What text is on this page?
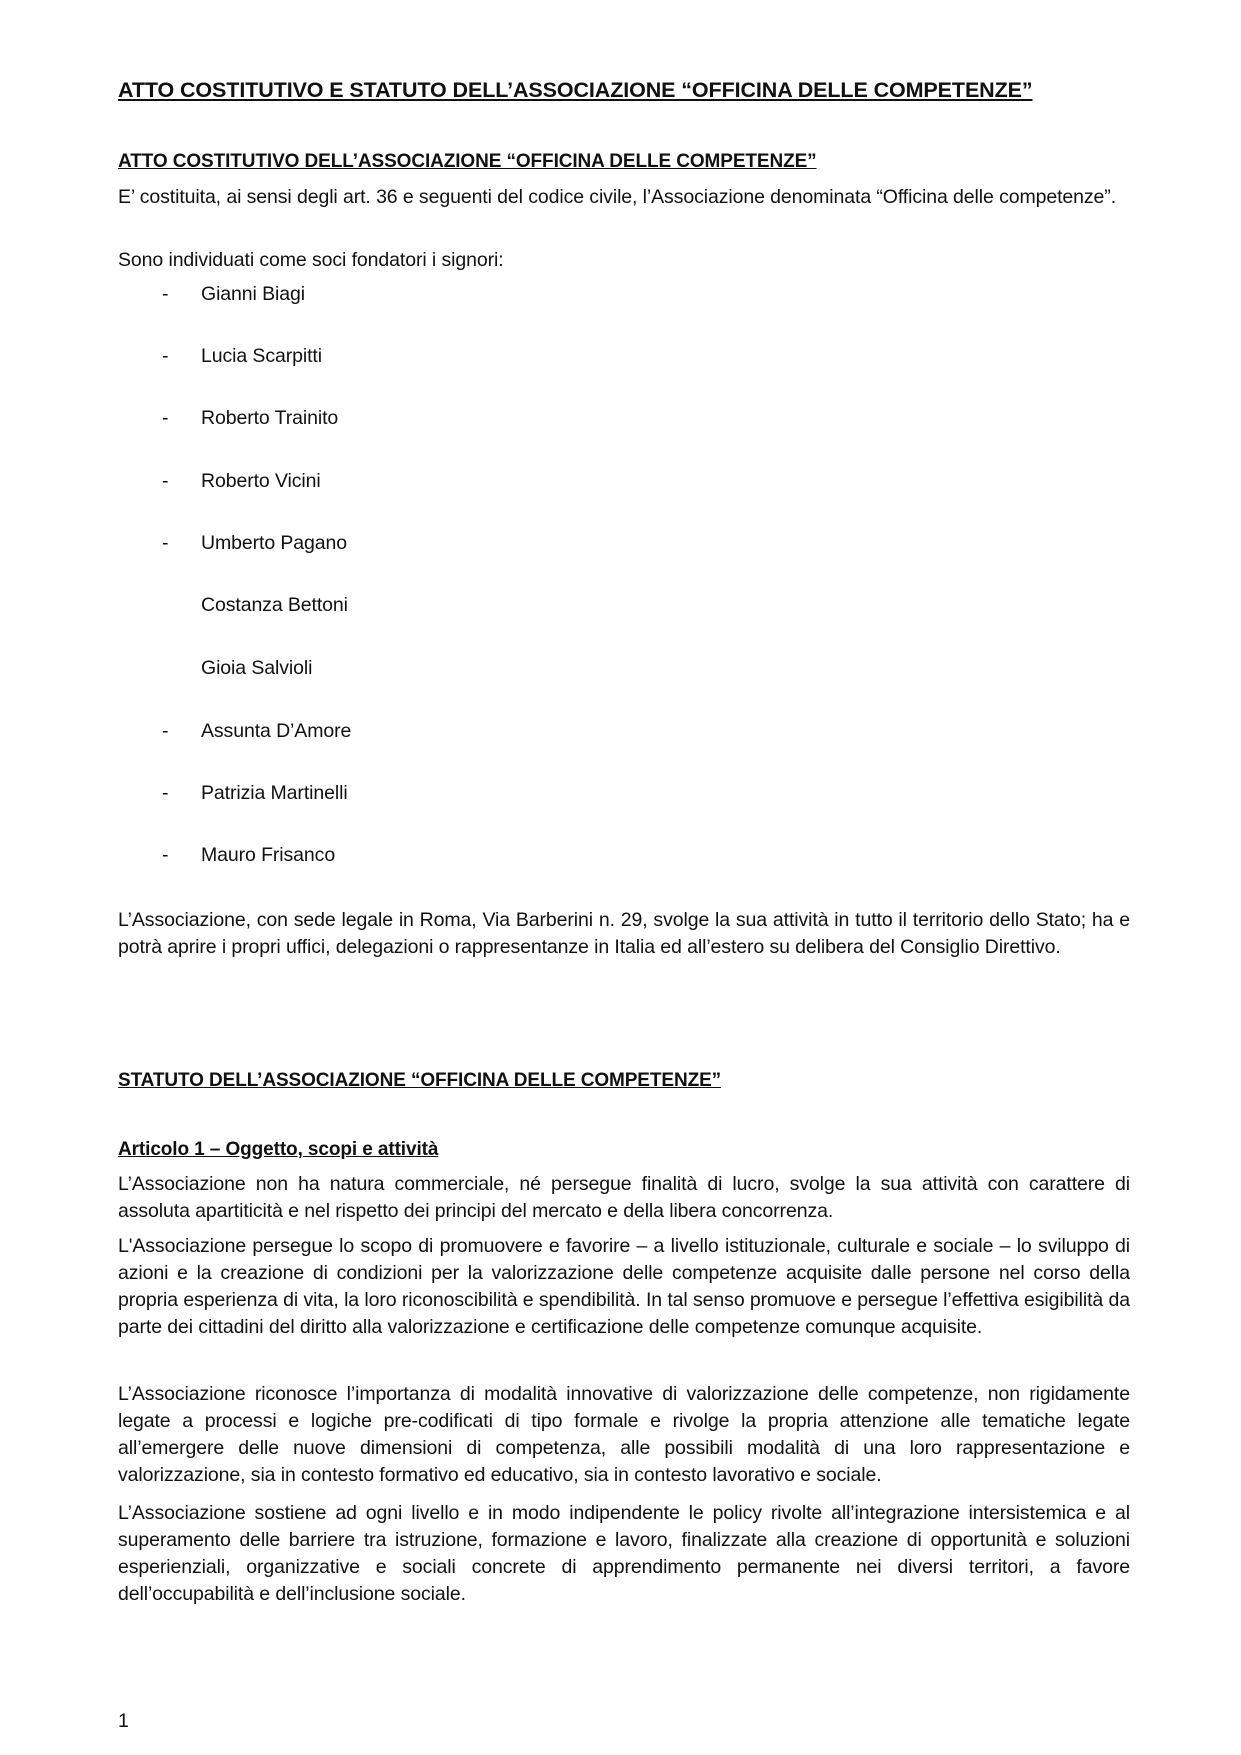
ATTO COSTITUTIVO E STATUTO DELL’ASSOCIAZIONE “OFFICINA DELLE COMPETENZE”
ATTO COSTITUTIVO DELL’ASSOCIAZIONE “OFFICINA DELLE COMPETENZE”
E’ costituita, ai sensi degli art. 36 e seguenti del codice civile, l’Associazione denominata “Officina delle competenze”.
Sono individuati come soci fondatori i signori:
- Gianni Biagi
- Lucia Scarpitti
- Roberto Trainito
- Roberto Vicini
- Umberto Pagano
Costanza Bettoni
Gioia Salvioli
- Assunta D’Amore
- Patrizia Martinelli
- Mauro Frisanco
L’Associazione, con sede legale in Roma, Via Barberini n. 29, svolge la sua attività in tutto il territorio dello Stato; ha e potrà aprire i propri uffici, delegazioni o rappresentanze in Italia ed all’estero su delibera del Consiglio Direttivo.
STATUTO DELL’ASSOCIAZIONE “OFFICINA DELLE COMPETENZE”
Articolo 1 – Oggetto, scopi e attività
L’Associazione non ha natura commerciale, né persegue finalità di lucro, svolge la sua attività con carattere di assoluta apartiticità e nel rispetto dei principi del mercato e della libera concorrenza.
L'Associazione persegue lo scopo di promuovere e favorire – a livello istituzionale, culturale e sociale – lo sviluppo di azioni e la creazione di condizioni per la valorizzazione delle competenze acquisite dalle persone nel corso della propria esperienza di vita, la loro riconoscibilità e spendibilità. In tal senso promuove e persegue l’effettiva esigibilità da parte dei cittadini del diritto alla valorizzazione e certificazione delle competenze comunque acquisite.
L’Associazione riconosce l’importanza di modalità innovative di valorizzazione delle competenze, non rigidamente legate a processi e logiche pre-codificati di tipo formale e rivolge la propria attenzione alle tematiche legate all’emergere delle nuove dimensioni di competenza, alle possibili modalità di una loro rappresentazione e valorizzazione, sia in contesto formativo ed educativo, sia in contesto lavorativo e sociale.
L’Associazione sostiene ad ogni livello e in modo indipendente le policy rivolte all’integrazione intersistemica e al superamento delle barriere tra istruzione, formazione e lavoro, finalizzate alla creazione di opportunità e soluzioni esperienziali, organizzative e sociali concrete di apprendimento permanente nei diversi territori, a favore dell’occupabilità e dell’inclusione sociale.
1
